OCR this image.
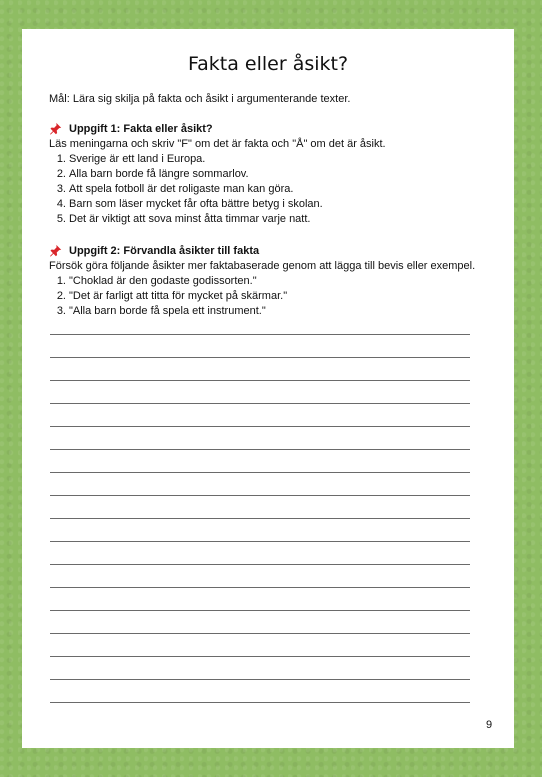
Fakta eller åsikt?

Mål: Lära sig skilja på fakta och åsikt i argumenterande texter.

Uppgift 1: Fakta eller åsikt?

Läs meningarna och skriv "F" om det är fakta och "Å" om det är åsikt.

1. Sverige är ett land i Europa.
2. Alla barn borde få längre sommarlov.
3. Att spela fotboll är det roligaste man kan göra.
4. Barn som läser mycket får ofta bättre betyg i skolan.
5. Det är viktigt att sova minst åtta timmar varje natt.

Uppgift 2: Förvandla åsikter till fakta

Försök göra följande åsikter mer faktabaserade genom att lägga till bevis eller exempel.

1. "Choklad är den godaste godissorten."
2. "Det är farligt att titta för mycket på skärmar."
3. "Alla barn borde få spela ett instrument."
9
